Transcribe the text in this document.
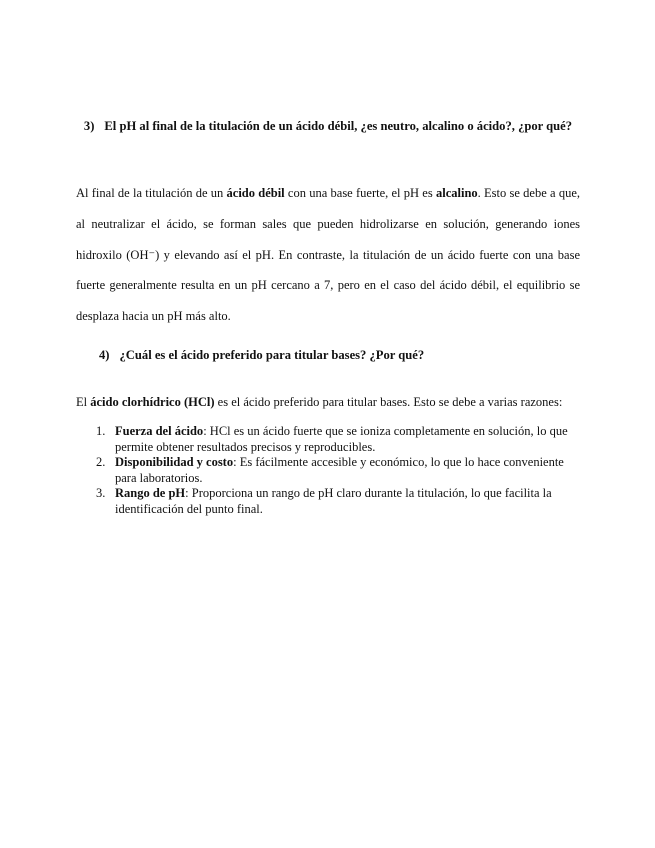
3) El pH al final de la titulación de un ácido débil, ¿es neutro, alcalino o ácido?, ¿por qué?

Al final de la titulación de un ácido débil con una base fuerte, el pH es alcalino. Esto se debe a que, al neutralizar el ácido, se forman sales que pueden hidrolizarse en solución, generando iones hidroxilo (OH⁻) y elevando así el pH. En contraste, la titulación de un ácido fuerte con una base fuerte generalmente resulta en un pH cercano a 7, pero en el caso del ácido débil, el equilibrio se desplaza hacia un pH más alto.

4) ¿Cuál es el ácido preferido para titular bases? ¿Por qué?

El ácido clorhídrico (HCl) es el ácido preferido para titular bases. Esto se debe a varias razones:

1. Fuerza del ácido: HCl es un ácido fuerte que se ioniza completamente en solución, lo que permite obtener resultados precisos y reproducibles.
2. Disponibilidad y costo: Es fácilmente accesible y económico, lo que lo hace conveniente para laboratorios.
3. Rango de pH: Proporciona un rango de pH claro durante la titulación, lo que facilita la identificación del punto final.
